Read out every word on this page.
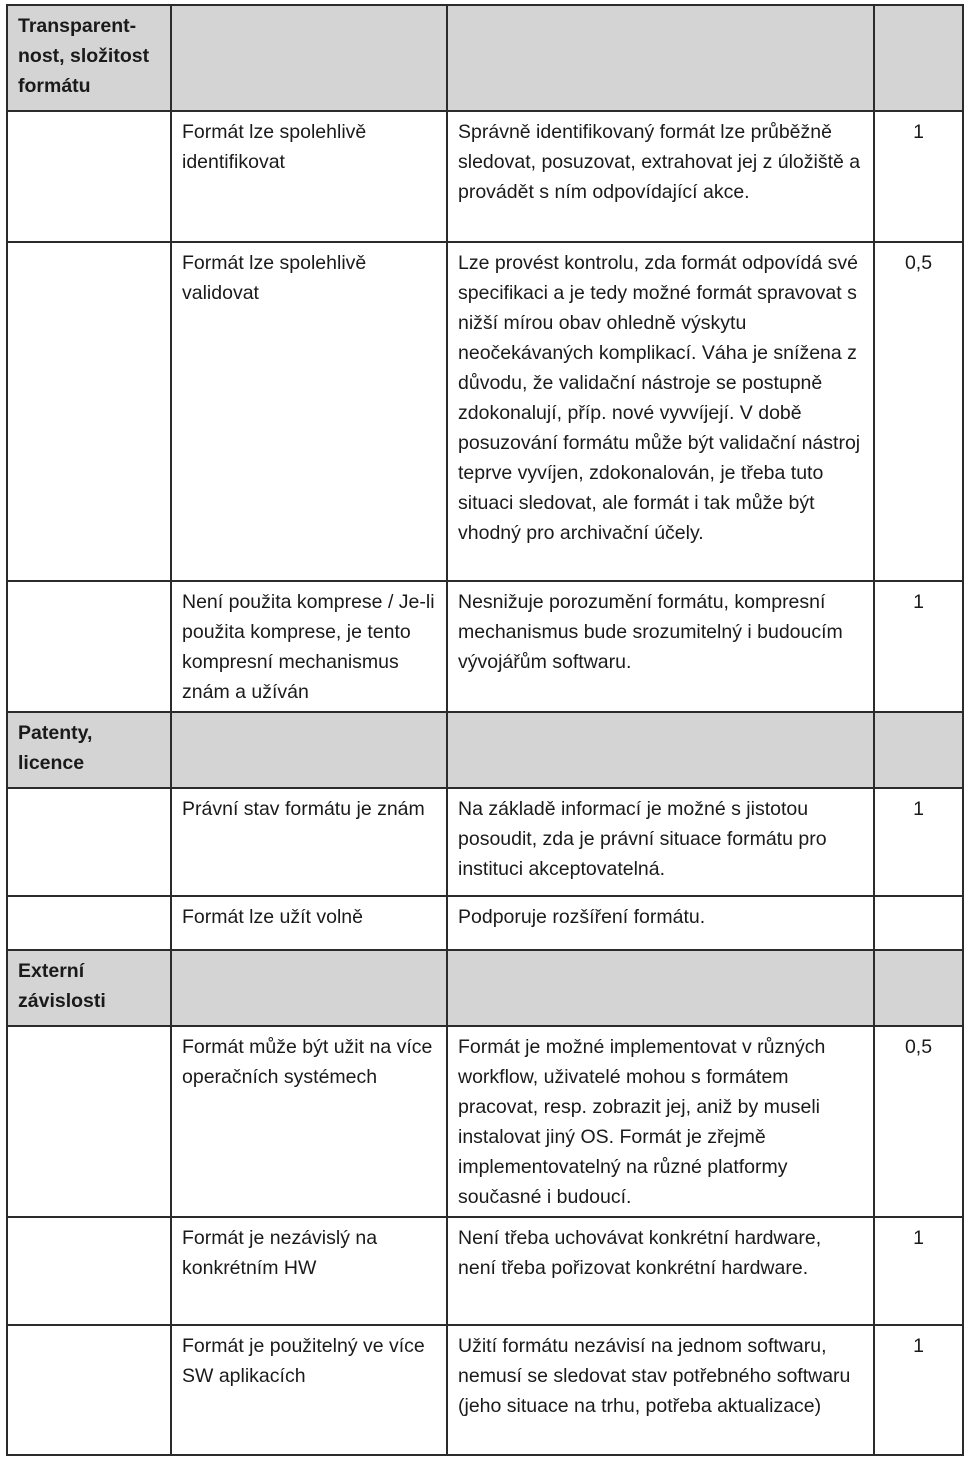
Transparentnost, složitost formátu			
	Formát lze spolehlivě identifikovat	Správně identifikovaný formát lze průběžně sledovat, posuzovat, extrahovat jej z úložiště a provádět s ním odpovídající akce.	1
	Formát lze spolehlivě validovat	Lze provést kontrolu, zda formát odpovídá své specifikaci a je tedy možné formát spravovat s nižší mírou obav ohledně výskytu neočekávaných komplikací. Váha je snížena z důvodu, že validační nástroje se postupně zdokonalují, příp. nové vyvvíjejí. V době posuzování formátu může být validační nástroj teprve vyvíjen, zdokonalován, je třeba tuto situaci sledovat, ale formát i tak může být vhodný pro archivační účely.	0,5
	Není použita komprese / Je-li použita komprese, je tento kompresní mechanismus znám a užíván	Nesnižuje porozumění formátu, kompresní mechanismus bude srozumitelný i budoucím vývojářům softwaru.	1
Patenty, licence			
	Právní stav formátu je znám	Na základě informací je možné s jistotou posoudit, zda je právní situace formátu pro instituci akceptovatelná.	1
	Formát lze užít volně	Podporuje rozšíření formátu.	
Externí závislosti			
	Formát může být užit na více operačních systémech	Formát je možné implementovat v různých workflow, uživatelé mohou s formátem pracovat, resp. zobrazit jej, aniž by museli instalovat jiný OS. Formát je zřejmě implementovatelný na různé platformy současné i budoucí.	0,5
	Formát je nezávislý na konkrétním HW	Není třeba uchovávat konkrétní hardware, není třeba pořizovat konkrétní hardware.	1
	Formát je použitelný ve více SW aplikacích	Užití formátu nezávisí na jednom softwaru, nemusí se sledovat stav potřebného softwaru (jeho situace na trhu, potřeba aktualizace)	1
